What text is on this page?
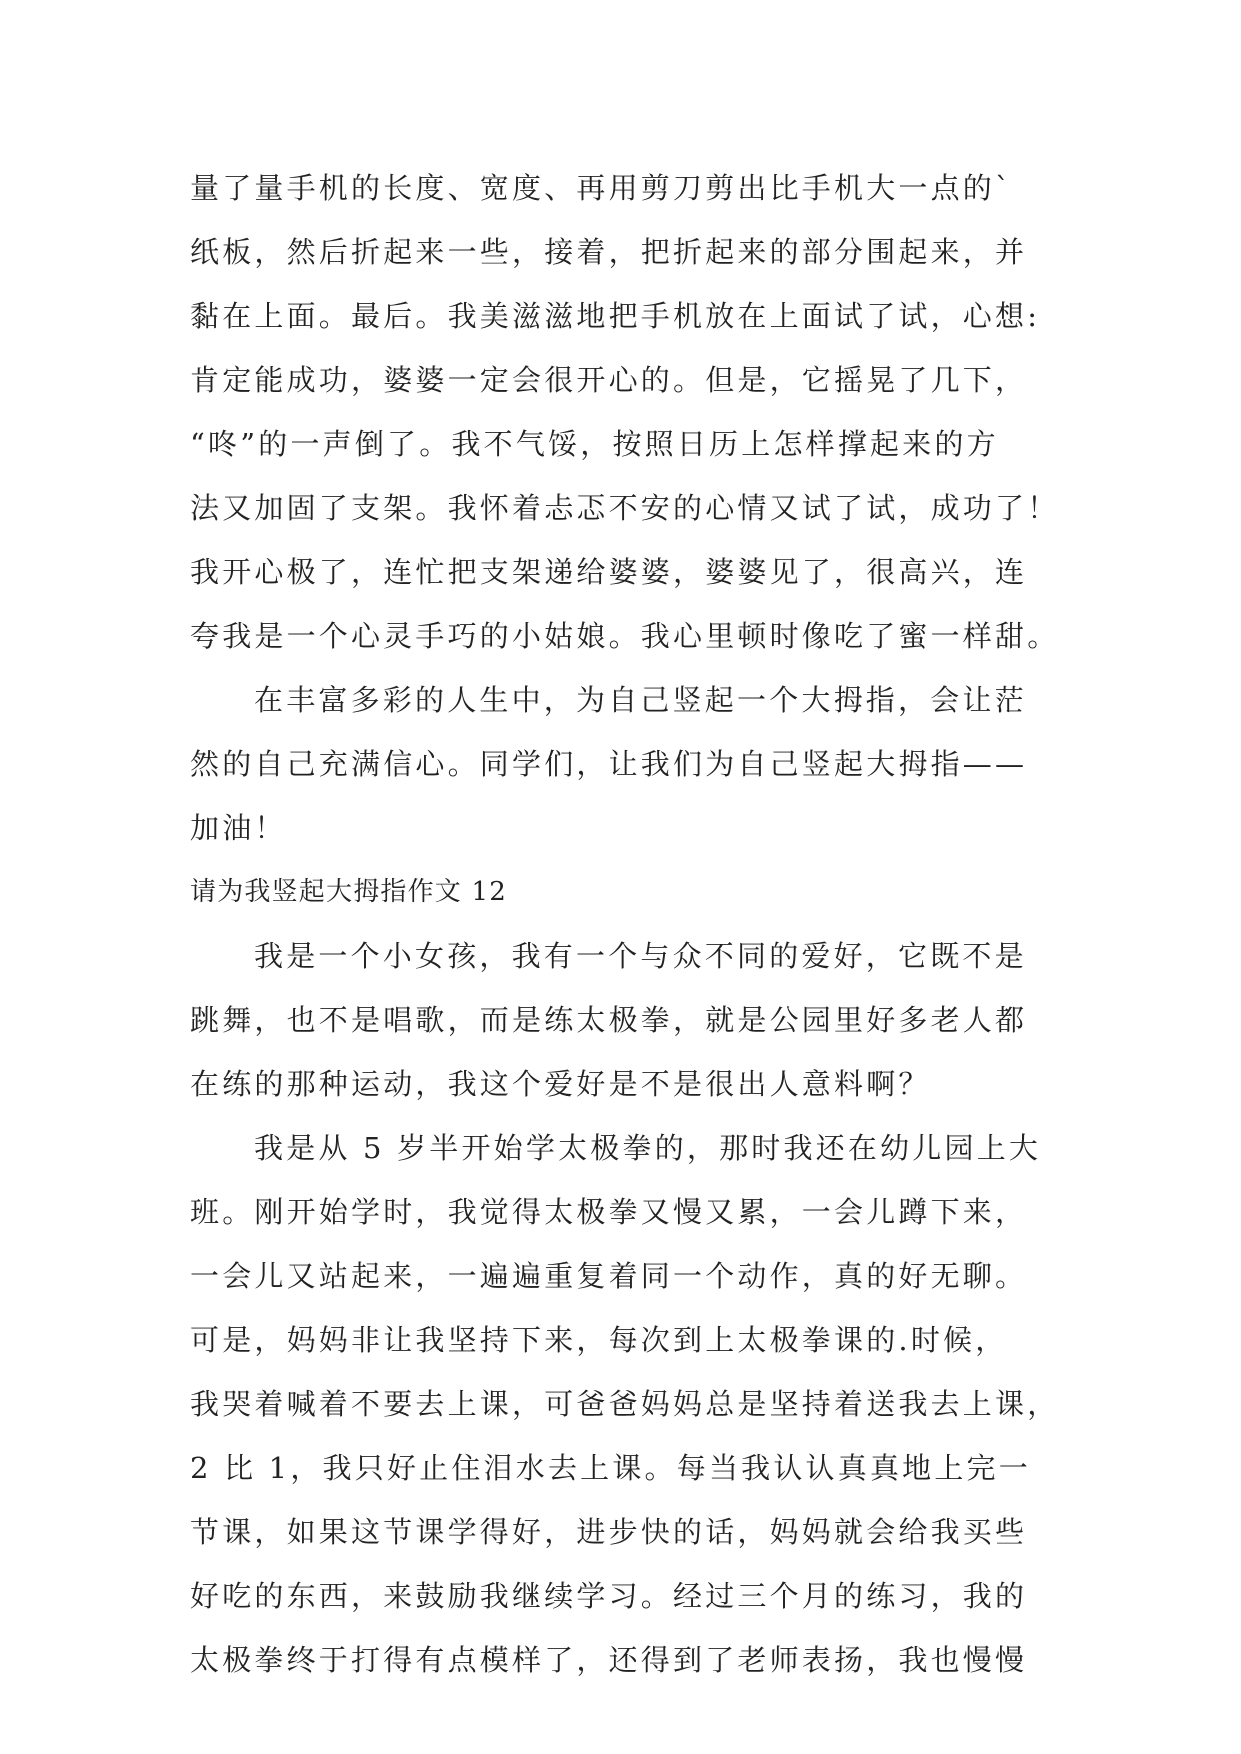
量了量手机的长度、宽度、再用剪刀剪出比手机大一点的`
纸板，然后折起来一些，接着，把折起来的部分围起来，并
黏在上面。最后。我美滋滋地把手机放在上面试了试，心想:
肯定能成功，婆婆一定会很开心的。但是，它摇晃了几下，
“咚”的一声倒了。我不气馁，按照日历上怎样撑起来的方
法又加固了支架。我怀着忐忑不安的心情又试了试，成功了！
我开心极了，连忙把支架递给婆婆，婆婆见了，很高兴，连
夸我是一个心灵手巧的小姑娘。我心里顿时像吃了蜜一样甜。
在丰富多彩的人生中，为自己竖起一个大拇指，会让茫
然的自己充满信心。同学们，让我们为自己竖起大拇指——
加油！
请为我竖起大拇指作文 12
我是一个小女孩，我有一个与众不同的爱好，它既不是
跳舞，也不是唱歌，而是练太极拳，就是公园里好多老人都
在练的那种运动，我这个爱好是不是很出人意料啊？
我是从 5 岁半开始学太极拳的，那时我还在幼儿园上大
班。刚开始学时，我觉得太极拳又慢又累，一会儿蹲下来，
一会儿又站起来，一遍遍重复着同一个动作，真的好无聊。
可是，妈妈非让我坚持下来，每次到上太极拳课的.时候，
我哭着喊着不要去上课，可爸爸妈妈总是坚持着送我去上课，
2 比 1，我只好止住泪水去上课。每当我认认真真地上完一
节课，如果这节课学得好，进步快的话，妈妈就会给我买些
好吃的东西，来鼓励我继续学习。经过三个月的练习，我的
太极拳终于打得有点模样了，还得到了老师表扬，我也慢慢
